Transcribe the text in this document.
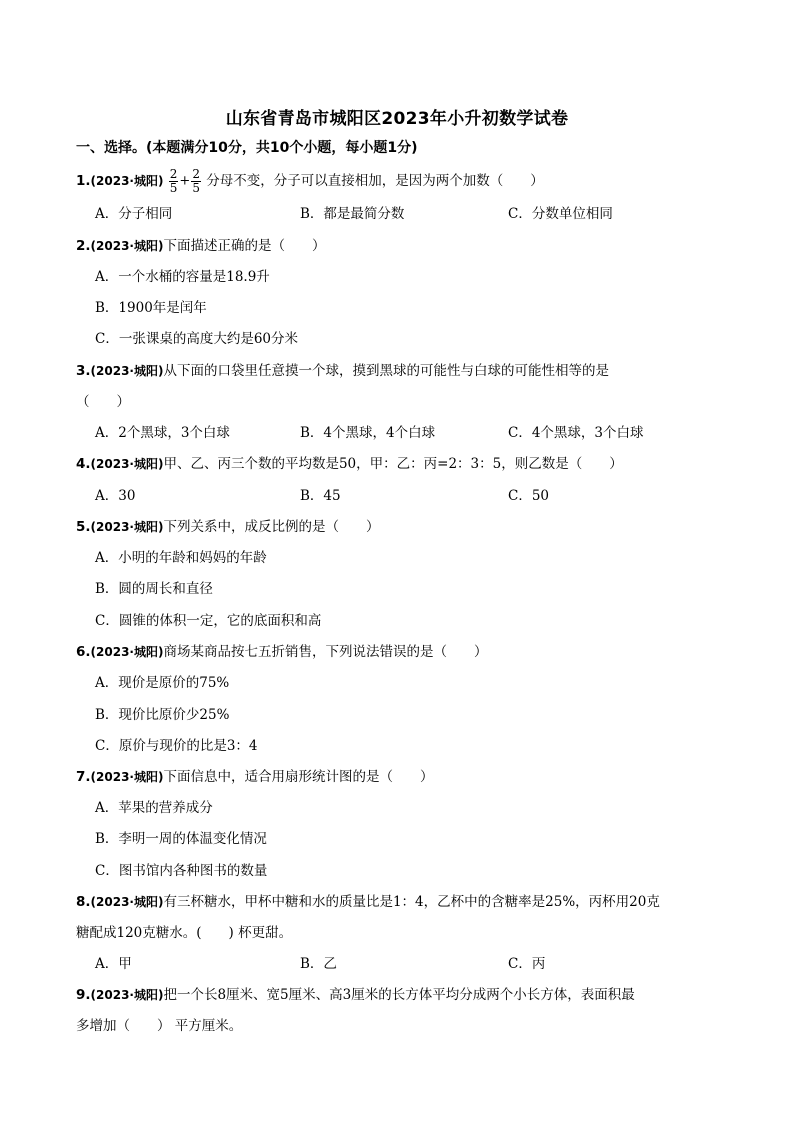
山东省青岛市城阳区2023年小升初数学试卷
一、选择。(本题满分10分，共10个小题，每小题1分)
1.(2023·城阳) $\frac{2}{5} + \frac{2}{5}$ 分母不变，分子可以直接相加，是因为两个加数（　　）
A．分子相同	B．都是最简分数	C．分数单位相同
2.(2023·城阳)下面描述正确的是（　　）
A．一个水桶的容量是18.9升
B．1900年是闰年
C．一张课桌的高度大约是60分米
3.(2023·城阳)从下面的口袋里任意摸一个球，摸到黑球的可能性与白球的可能性相等的是
（　　）
A．2个黑球，3个白球	B．4个黑球，4个白球	C．4个黑球，3个白球
4.(2023·城阳)甲、乙、丙三个数的平均数是50，甲：乙：丙=2：3：5，则乙数是（　　）
A．30	B．45	C．50
5.(2023·城阳)下列关系中，成反比例的是（　　）
A．小明的年龄和妈妈的年龄
B．圆的周长和直径
C．圆锥的体积一定，它的底面积和高
6.(2023·城阳)商场某商品按七五折销售，下列说法错误的是（　　）
A．现价是原价的75%
B．现价比原价少25%
C．原价与现价的比是3：4
7.(2023·城阳)下面信息中，适合用扇形统计图的是（　　）
A．苹果的营养成分
B．李明一周的体温变化情况
C．图书馆内各种图书的数量
8.(2023·城阳)有三杯糖水，甲杯中糖和水的质量比是1：4，乙杯中的含糖率是25%，丙杯用20克
糖配成120克糖水。(　　) 杯更甜。
A．甲	B．乙	C．丙
9.(2023·城阳)把一个长8厘米、宽5厘米、高3厘米的长方体平均分成两个小长方体，表面积最
多增加（　　） 平方厘米。
